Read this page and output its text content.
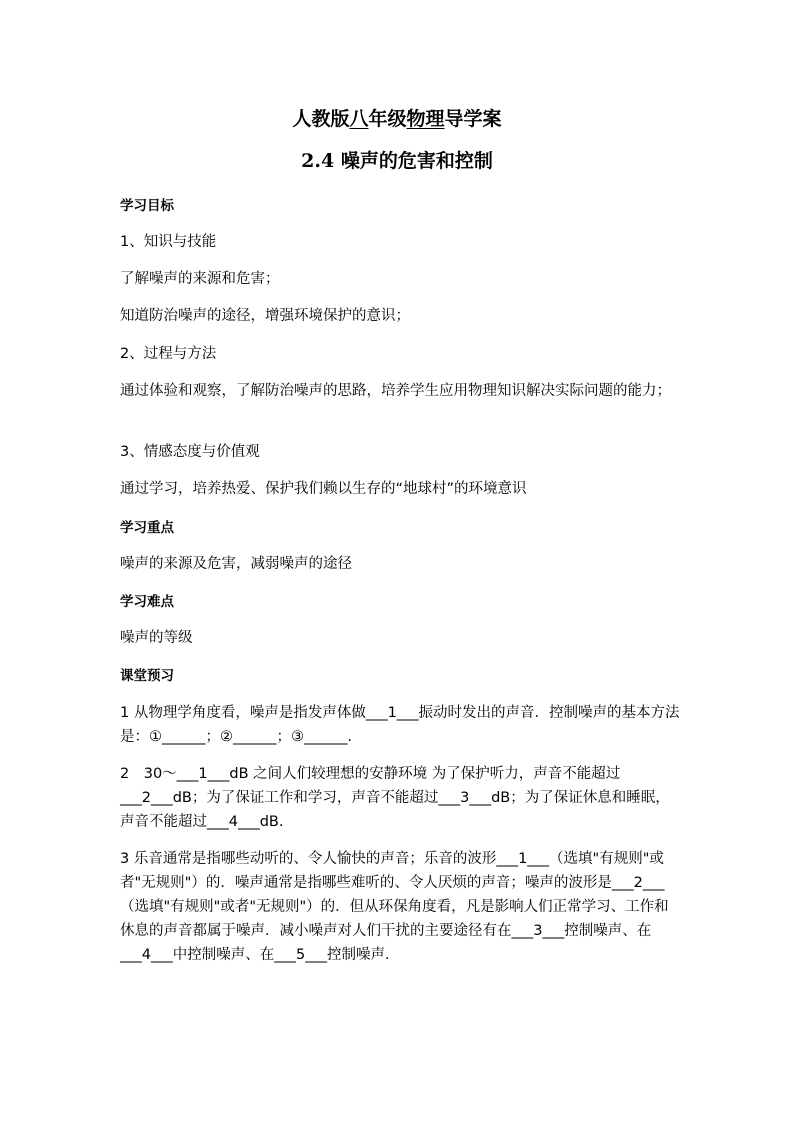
人教版八年级物理导学案
2.4 噪声的危害和控制
学习目标
1、知识与技能
了解噪声的来源和危害；
知道防治噪声的途径，增强环境保护的意识；
2、过程与方法
通过体验和观察，了解防治噪声的思路，培养学生应用物理知识解决实际问题的能力；
3、情感态度与价值观
通过学习，培养热爱、保护我们赖以生存的“地球村”的环境意识
学习重点
噪声的来源及危害，减弱噪声的途径
学习难点
噪声的等级
课堂预习
1 从物理学角度看，噪声是指发声体做___1___振动时发出的声音．控制噪声的基本方法是：①______；②______；③______．
2　30～___1___dB 之间人们较理想的安静环境 为了保护听力，声音不能超过___2___dB；为了保证工作和学习，声音不能超过___3___dB；为了保证休息和睡眠，声音不能超过___4___dB.
3 乐音通常是指哪些动听的、令人愉快的声音；乐音的波形___1___（选填"有规则"或者"无规则"）的．噪声通常是指哪些难听的、令人厌烦的声音；噪声的波形是___2___（选填"有规则"或者"无规则"）的．但从环保角度看，凡是影响人们正常学习、工作和休息的声音都属于噪声．减小噪声对人们干扰的主要途径有在___3___控制噪声、在___4___中控制噪声、在___5___控制噪声．
